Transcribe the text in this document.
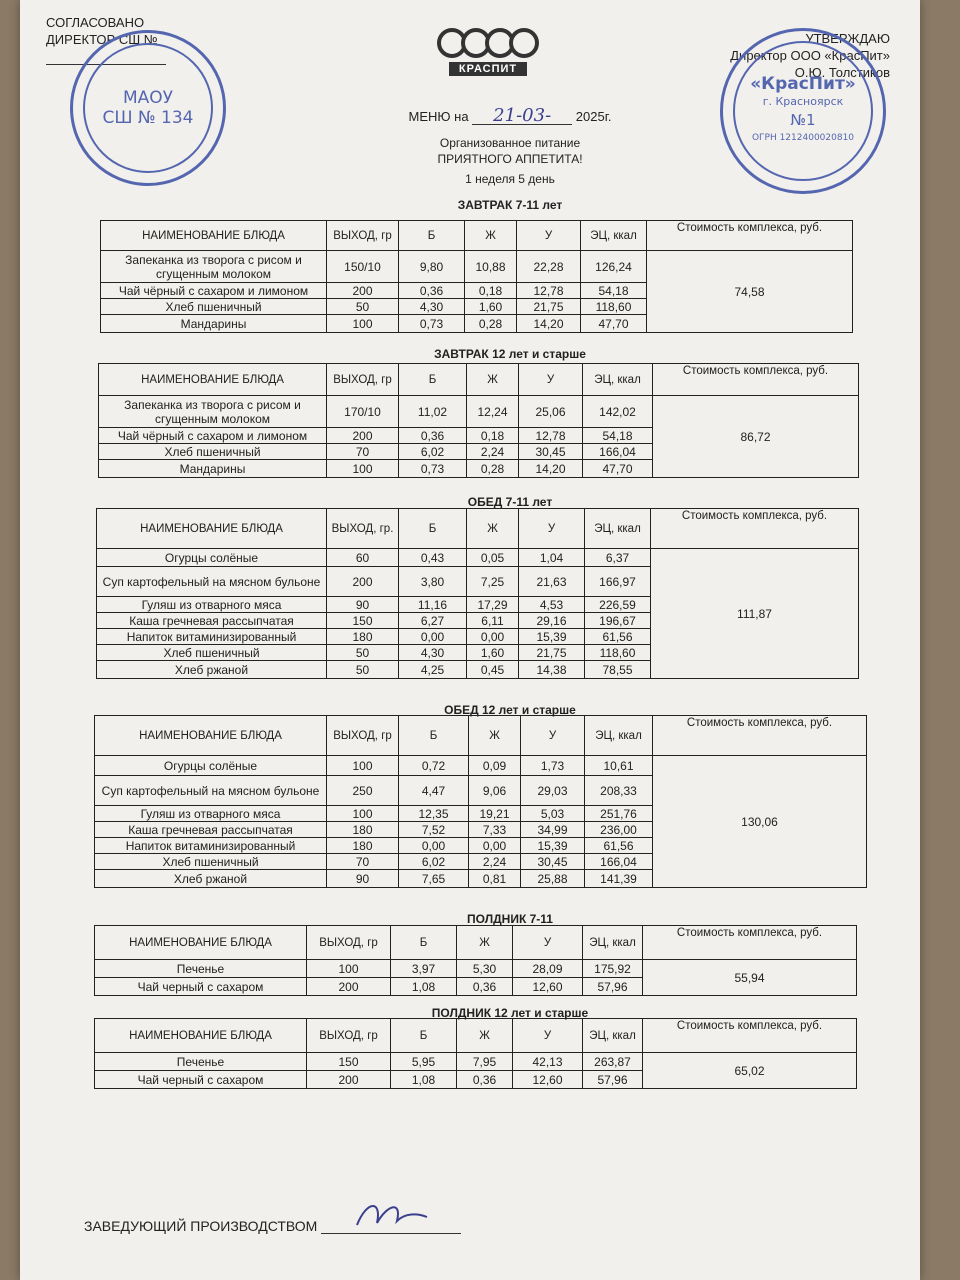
СОГЛАСОВАНО
ДИРЕКТОР СШ №
МАОУ
СШ № 134
КРАСПИТ
УТВЕРЖДАЮ
Директор ООО «КрасПит»
О.Ю. Толстиков
«КрасПит»
г. Красноярск
№1
ОГРН 1212400020810
МЕНЮ на 21-03- 2025г.
Организованное питание
ПРИЯТНОГО АППЕТИТА!
1 неделя 5 день
ЗАВТРАК 7-11 лет
НАИМЕНОВАНИЕ БЛЮДА	ВЫХОД, гр	Б	Ж	У	ЭЦ, ккал	Стоимость комплекса, руб.
Запеканка из творога с рисом и сгущенным молоком	150/10	9,80	10,88	22,28	126,24	74,58
Чай чёрный с сахаром и лимоном	200	0,36	0,18	12,78	54,18	
Хлеб пшеничный	50	4,30	1,60	21,75	118,60	
Мандарины	100	0,73	0,28	14,20	47,70	
ЗАВТРАК 12 лет и старше
НАИМЕНОВАНИЕ БЛЮДА	ВЫХОД, гр	Б	Ж	У	ЭЦ, ккал	Стоимость комплекса, руб.
Запеканка из творога с рисом и сгущенным молоком	170/10	11,02	12,24	25,06	142,02	86,72
Чай чёрный с сахаром и лимоном	200	0,36	0,18	12,78	54,18	
Хлеб пшеничный	70	6,02	2,24	30,45	166,04	
Мандарины	100	0,73	0,28	14,20	47,70	
ОБЕД 7-11 лет
НАИМЕНОВАНИЕ БЛЮДА	ВЫХОД, гр.	Б	Ж	У	ЭЦ, ккал	Стоимость комплекса, руб.
Огурцы солёные	60	0,43	0,05	1,04	6,37	111,87
Суп картофельный на мясном бульоне	200	3,80	7,25	21,63	166,97	
Гуляш из отварного мяса	90	11,16	17,29	4,53	226,59	
Каша гречневая рассыпчатая	150	6,27	6,11	29,16	196,67	
Напиток витаминизированный	180	0,00	0,00	15,39	61,56	
Хлеб пшеничный	50	4,30	1,60	21,75	118,60	
Хлеб ржаной	50	4,25	0,45	14,38	78,55	
ОБЕД 12 лет и старше
НАИМЕНОВАНИЕ БЛЮДА	ВЫХОД, гр	Б	Ж	У	ЭЦ, ккал	Стоимость комплекса, руб.
Огурцы солёные	100	0,72	0,09	1,73	10,61	130,06
Суп картофельный на мясном бульоне	250	4,47	9,06	29,03	208,33	
Гуляш из отварного мяса	100	12,35	19,21	5,03	251,76	
Каша гречневая рассыпчатая	180	7,52	7,33	34,99	236,00	
Напиток витаминизированный	180	0,00	0,00	15,39	61,56	
Хлеб пшеничный	70	6,02	2,24	30,45	166,04	
Хлеб ржаной	90	7,65	0,81	25,88	141,39	
ПОЛДНИК 7-11
НАИМЕНОВАНИЕ БЛЮДА	ВЫХОД, гр	Б	Ж	У	ЭЦ, ккал	Стоимость комплекса, руб.
Печенье	100	3,97	5,30	28,09	175,92	55,94
Чай черный с сахаром	200	1,08	0,36	12,60	57,96	
ПОЛДНИК 12 лет и старше
НАИМЕНОВАНИЕ БЛЮДА	ВЫХОД, гр	Б	Ж	У	ЭЦ, ккал	Стоимость комплекса, руб.
Печенье	150	5,95	7,95	42,13	263,87	65,02
Чай черный с сахаром	200	1,08	0,36	12,60	57,96	
ЗАВЕДУЮЩИЙ ПРОИЗВОДСТВОМ
